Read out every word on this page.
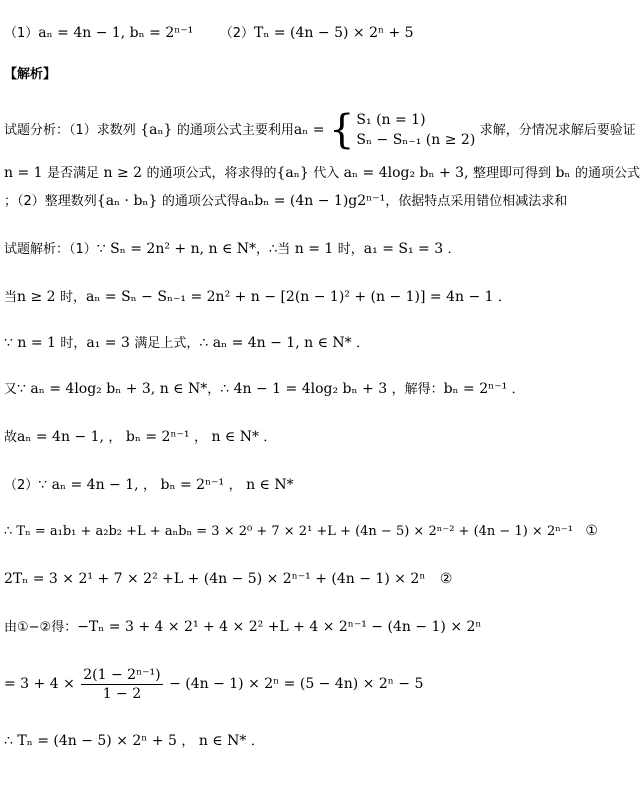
（1）aₙ = 4n − 1, bₙ = 2ⁿ⁻¹ （2）Tₙ = (4n − 5) × 2ⁿ + 5
【解析】
试题分析：（1）求数列 {aₙ} 的通项公式主要利用aₙ = { S₁ (n = 1)
Sₙ − Sₙ₋₁ (n ≥ 2)
求解，分情况求解后要验证
n = 1 是否满足 n ≥ 2 的通项公式，将求得的{aₙ} 代入 aₙ = 4log₂ bₙ + 3, 整理即可得到 bₙ 的通项公式
；（2）整理数列{aₙ · bₙ} 的通项公式得aₙbₙ = (4n − 1)g2ⁿ⁻¹，依据特点采用错位相减法求和
试题解析：（1）∵ Sₙ = 2n² + n, n ∈ N*，∴当 n = 1 时，a₁ = S₁ = 3 ．
当n ≥ 2 时，aₙ = Sₙ − Sₙ₋₁ = 2n² + n − [2(n − 1)² + (n − 1)] = 4n − 1 ．
∵ n = 1 时，a₁ = 3 满足上式，∴ aₙ = 4n − 1, n ∈ N* ．
又∵ aₙ = 4log₂ bₙ + 3, n ∈ N*，∴ 4n − 1 = 4log₂ bₙ + 3 ，解得：bₙ = 2ⁿ⁻¹ ．
故aₙ = 4n − 1, ， bₙ = 2ⁿ⁻¹ ， n ∈ N* ．
（2）∵ aₙ = 4n − 1, ， bₙ = 2ⁿ⁻¹ ， n ∈ N*
∴ Tₙ = a₁b₁ + a₂b₂ +L + aₙbₙ = 3 × 2⁰ + 7 × 2¹ +L + (4n − 5) × 2ⁿ⁻² + (4n − 1) × 2ⁿ⁻¹ ①
2Tₙ = 3 × 2¹ + 7 × 2² +L + (4n − 5) × 2ⁿ⁻¹ + (4n − 1) × 2ⁿ ②
由①−②得：−Tₙ = 3 + 4 × 2¹ + 4 × 2² +L + 4 × 2ⁿ⁻¹ − (4n − 1) × 2ⁿ
= $3 + 4 \times \frac{\text{2(1 − 2ⁿ⁻¹)}}{1 - 2} - (4n - 1) \times 2^n = (5 - 4n) \times 2^n - 5$
∴ Tₙ = (4n − 5) × 2ⁿ + 5 ， n ∈ N* ．
